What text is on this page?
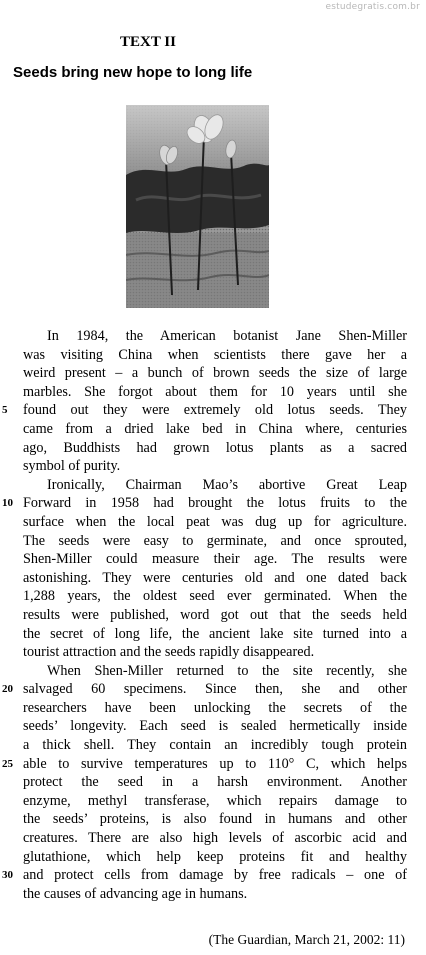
estudegratis.com.br
TEXT II
Seeds bring new hope to long life
In 1984, the American botanist Jane Shen-Miller
was visiting China when scientists there gave her a
weird present – a bunch of brown seeds the size of large
marbles. She forgot about them for 10 years until she
5 found out they were extremely old lotus seeds. They
came from a dried lake bed in China where, centuries
ago, Buddhists had grown lotus plants as a sacred
symbol of purity.
Ironically, Chairman Mao’s abortive Great Leap
10 Forward in 1958 had brought the lotus fruits to the
surface when the local peat was dug up for agriculture.
The seeds were easy to germinate, and once sprouted,
Shen-Miller could measure their age. The results were
astonishing. They were centuries old and one dated back
1,288 years, the oldest seed ever germinated. When the
results were published, word got out that the seeds held
the secret of long life, the ancient lake site turned into a
tourist attraction and the seeds rapidly disappeared.
When Shen-Miller returned to the site recently, she
20 salvaged 60 specimens. Since then, she and other
researchers have been unlocking the secrets of the
seeds’ longevity. Each seed is sealed hermetically inside
a thick shell. They contain an incredibly tough protein
25 able to survive temperatures up to 110° C, which helps
protect the seed in a harsh environment. Another
enzyme, methyl transferase, which repairs damage to
the seeds’ proteins, is also found in humans and other
creatures. There are also high levels of ascorbic acid and
glutathione, which help keep proteins fit and healthy
30 and protect cells from damage by free radicals – one of
the causes of advancing age in humans.
(The Guardian, March 21, 2002: 11)
